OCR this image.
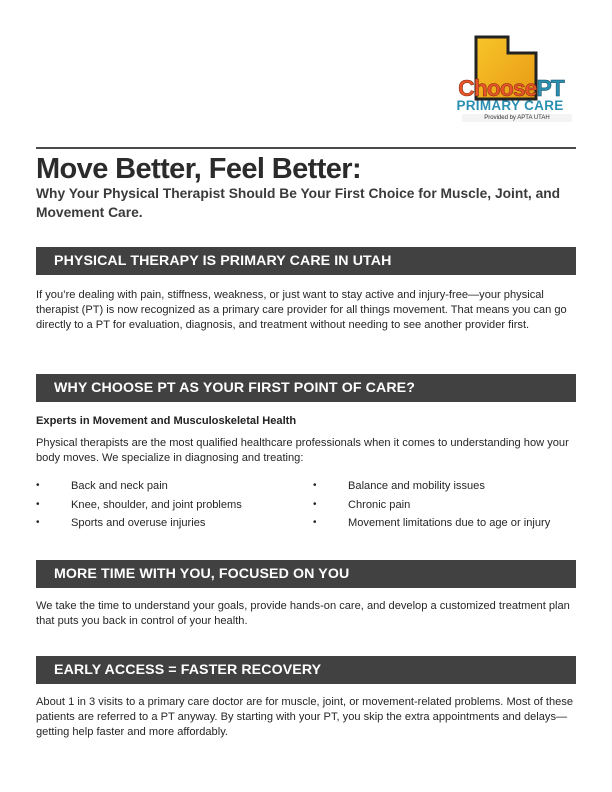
ChoosePT
PRIMARY CARE
Provided by APTA UTAH
Move Better, Feel Better:

Why Your Physical Therapist Should Be Your First Choice for Muscle, Joint, and Movement Care.

PHYSICAL THERAPY IS PRIMARY CARE IN UTAH

If you’re dealing with pain, stiffness, weakness, or just want to stay active and injury-free—your physical therapist (PT) is now recognized as a primary care provider for all things movement. That means you can go directly to a PT for evaluation, diagnosis, and treatment without needing to see another provider first.

WHY CHOOSE PT AS YOUR FIRST POINT OF CARE?

Experts in Movement and Musculoskeletal Health

Physical therapists are the most qualified healthcare professionals when it comes to understanding how your body moves. We specialize in diagnosing and treating:

• Back and neck pain
• Knee, shoulder, and joint problems
• Sports and overuse injuries
• Balance and mobility issues
• Chronic pain
• Movement limitations due to age or injury
MORE TIME WITH YOU, FOCUSED ON YOU

We take the time to understand your goals, provide hands-on care, and develop a customized treatment plan that puts you back in control of your health.

EARLY ACCESS = FASTER RECOVERY

About 1 in 3 visits to a primary care doctor are for muscle, joint, or movement-related problems. Most of these patients are referred to a PT anyway. By starting with your PT, you skip the extra appointments and delays—getting help faster and more affordably.
